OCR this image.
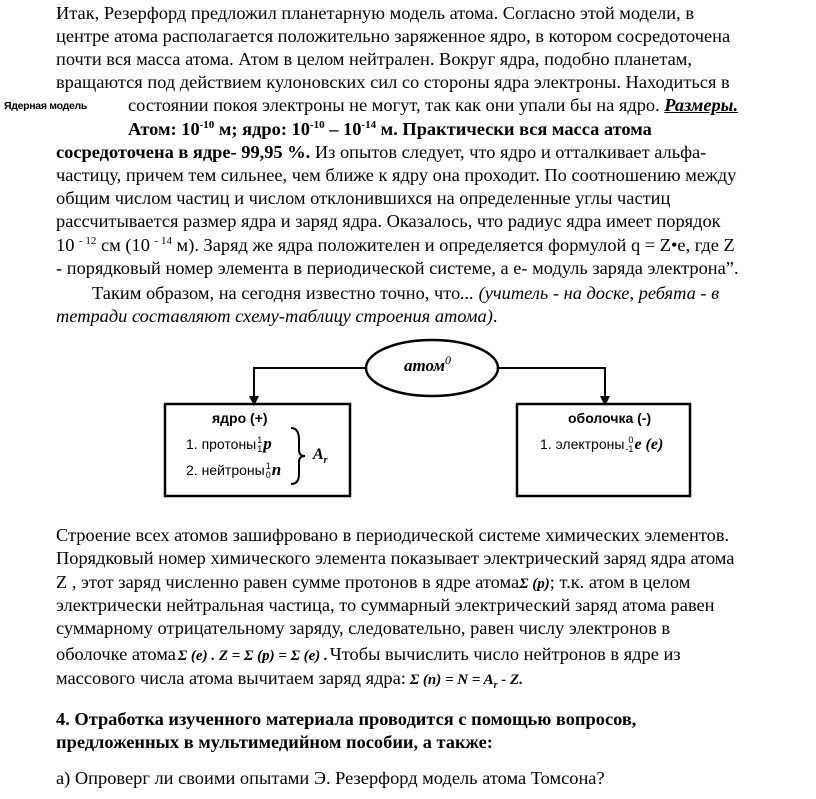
Итак, Резерфорд предложил планетарную модель атома. Согласно этой модели, в
центре атома располагается положительно заряженное ядро, в котором сосредоточена
почти вся масса атома. Атом в целом нейтрален. Вокруг ядра, подобно планетам,
вращаются под действием кулоновских сил со стороны ядра электроны. Находиться в
Ядерная модель состоянии покоя электроны не могут, так как они упали бы на ядро. Размеры.
Атом: $10^{-10}$ м; ядро: $10^{-10} - 10^{-14}$ м. Практически вся масса атома
сосредоточена в ядре- 99,95 %. Из опытов следует, что ядро и отталкивает альфа-
частицу, причем тем сильнее, чем ближе к ядру она проходит. По соотношению между
общим числом частиц и числом отклонившихся на определенные углы частиц
рассчитывается размер ядра и заряд ядра. Оказалось, что радиус ядра имеет порядок
10 $^{- 12}$ см (10 $^{- 14}$ м). Заряд же ядра положителен и определяется формулой q = Z•e, где Z
- порядковый номер элемента в периодической системе, а е- модуль заряда электрона”.
Таким образом, на сегодня известно точно, что... (учитель - на доске, ребята - в
тетради составляют схему-таблицу строения атома).
атом$^0$
ядро (+)
1. протоны 1
1 p
2. нейтроны 1
0 n
$A_r$
оболочка (-)
1. электроны 0
-1 e (e)
Строение всех атомов зашифровано в периодической системе химических элементов.
Порядковый номер химического элемента показывает электрический заряд ядра атома
Z , этот заряд численно равен сумме протонов в ядре атомаΣ (p); т.к. атом в целом
электрически нейтральная частица, то суммарный электрический заряд атома равен
суммарному отрицательному заряду, следовательно, равен числу электронов в
оболочке атома Σ (e) . Z = Σ (p) = Σ (e) . Чтобы вычислить число нейтронов в ядре из
массового числа атома вычитаем заряд ядра: Σ $(n) = N = A_r - Z$.
4. Отработка изученного материала проводится с помощью вопросов,
предложенных в мультимедийном пособии, а также:
а) Опроверг ли своими опытами Э. Резерфорд модель атома Томсона?
